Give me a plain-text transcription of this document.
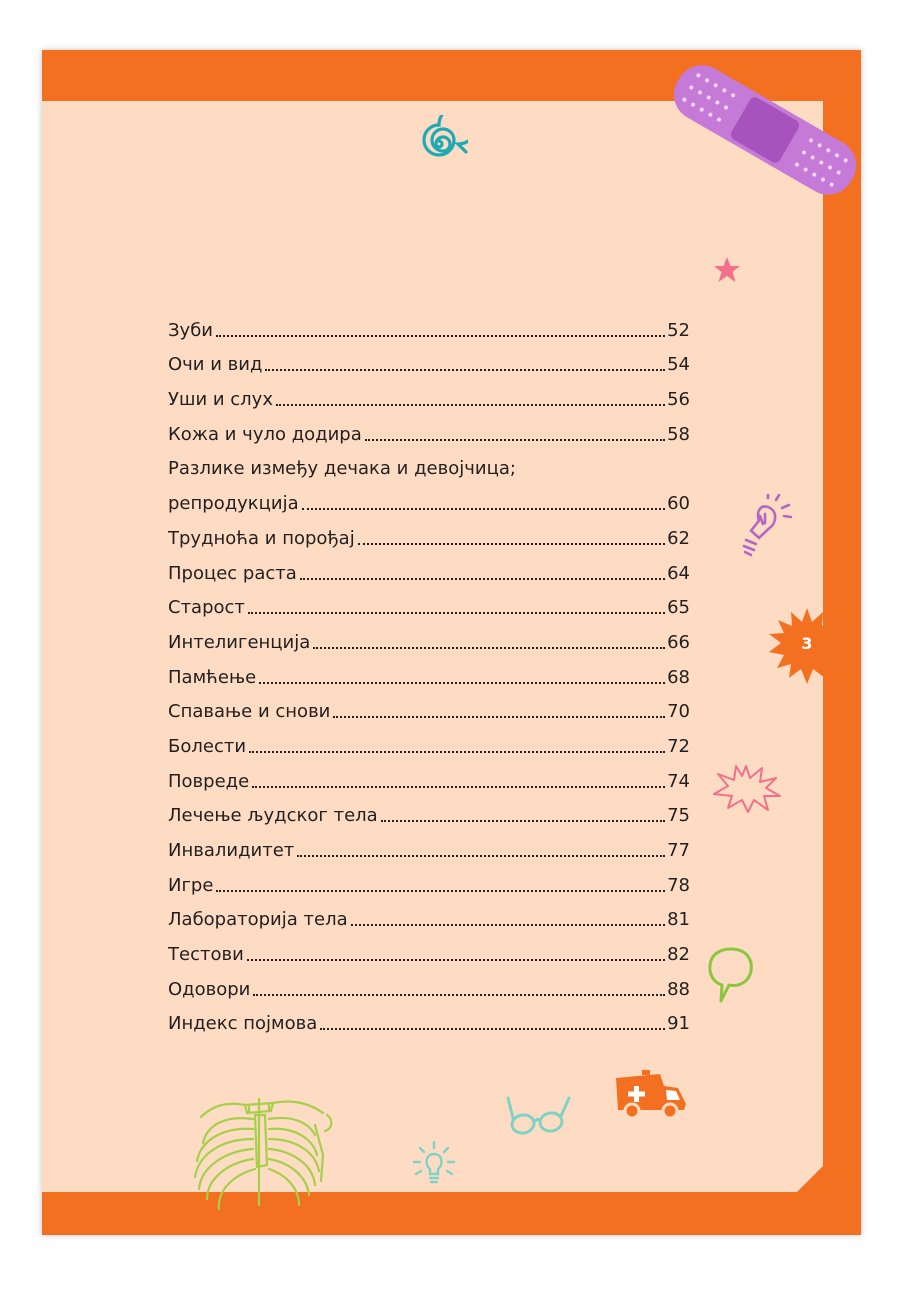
Зуби	52
Очи и вид	54
Уши и слух	56
Кожа и чуло додира	58
Разлике између дечака и девојчица;
репродукција	60
Трудноћа и порођај	62
Процес раста	64
Старост	65
Интелигенција	66
Памћење	68
Спавање и снови	70
Болести	72
Повреде	74
Лечење људског тела	75
Инвалидитет	77
Игре	78
Лабораторија тела	81
Тестови	82
Одовори	88
Индекс појмова	91
3
